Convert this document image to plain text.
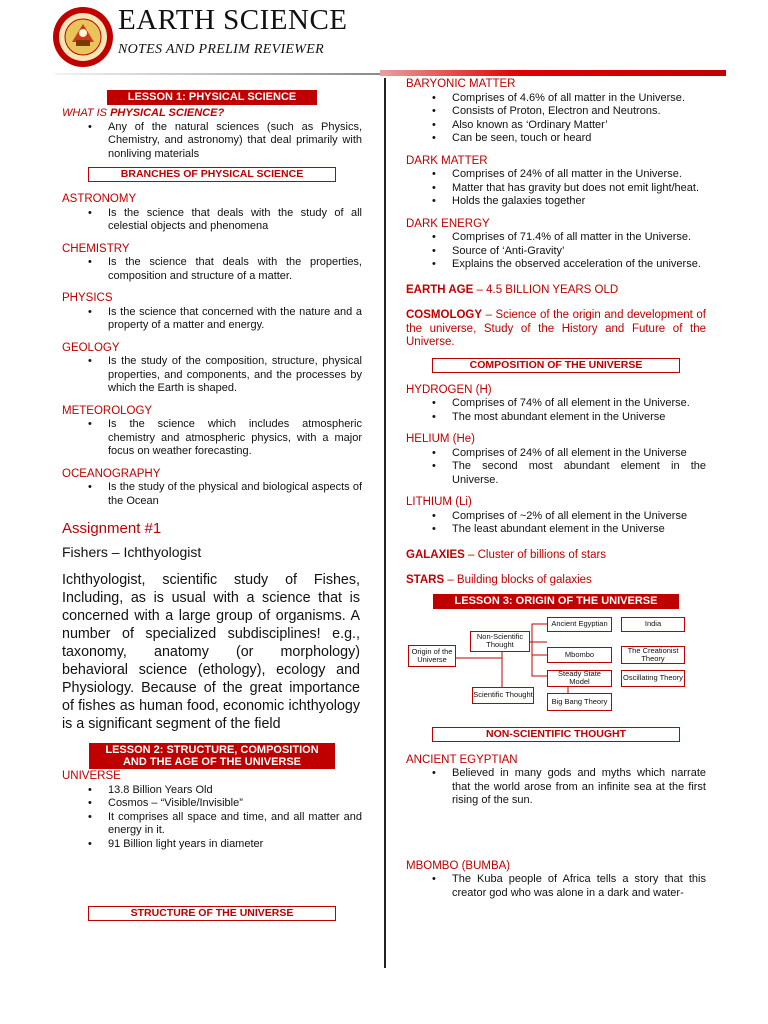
EARTH SCIENCE
NOTES AND PRELIM REVIEWER
LESSON 1: PHYSICAL SCIENCE
WHAT IS PHYSICAL SCIENCE?
• Any of the natural sciences (such as Physics, Chemistry, and astronomy) that deal primarily with nonliving materials
BRANCHES OF PHYSICAL SCIENCE
ASTRONOMY
• Is the science that deals with the study of all celestial objects and phenomena
CHEMISTRY
• Is the science that deals with the properties, composition and structure of a matter.
PHYSICS
• Is the science that concerned with the nature and a property of a matter and energy.
GEOLOGY
• Is the study of the composition, structure, physical properties, and components, and the processes by which the Earth is shaped.
METEOROLOGY
• Is the science which includes atmospheric chemistry and atmospheric physics, with a major focus on weather forecasting.
OCEANOGRAPHY
• Is the study of the physical and biological aspects of the Ocean
Assignment #1
Fishers – Ichthyologist
Ichthyologist, scientific study of Fishes, Including, as is usual with a science that is concerned with a large group of organisms. A number of specialized subdisciplines! e.g., taxonomy, anatomy (or morphology) behavioral science (ethology), ecology and Physiology. Because of the great importance of fishes as human food, economic ichthyology is a significant segment of the field
LESSON 2: STRUCTURE, COMPOSITION
AND THE AGE OF THE UNIVERSE
UNIVERSE
• 13.8 Billion Years Old
• Cosmos – “Visible/Invisible”
• It comprises all space and time, and all matter and energy in it.
• 91 Billion light years in diameter
STRUCTURE OF THE UNIVERSE
BARYONIC MATTER
• Comprises of 4.6% of all matter in the Universe.
• Consists of Proton, Electron and Neutrons.
• Also known as ‘Ordinary Matter’
• Can be seen, touch or heard
DARK MATTER
• Comprises of 24% of all matter in the Universe.
• Matter that has gravity but does not emit light/heat.
• Holds the galaxies together
DARK ENERGY
• Comprises of 71.4% of all matter in the Universe.
• Source of ‘Anti-Gravity’
• Explains the observed acceleration of the universe.
EARTH AGE – 4.5 BILLION YEARS OLD
COSMOLOGY – Science of the origin and development of the universe, Study of the History and Future of the Universe.
COMPOSITION OF THE UNIVERSE
HYDROGEN (H)
• Comprises of 74% of all element in the Universe.
• The most abundant element in the Universe
HELIUM (He)
• Comprises of 24% of all element in the Universe
• The second most abundant element in the Universe.
LITHIUM (Li)
• Comprises of ~2% of all element in the Universe
• The least abundant element in the Universe
GALAXIES – Cluster of billions of stars
STARS – Building blocks of galaxies
LESSON 3: ORIGIN OF THE UNIVERSE
Origin of the Universe
Non-Scientific Thought
Scientific Thought
Ancient Egyptian	India
Mbombo	The Creationist Theory
Steady State Model	Oscillating Theory
Big Bang Theory
NON-SCIENTIFIC THOUGHT
ANCIENT EGYPTIAN
• Believed in many gods and myths which narrate that the world arose from an infinite sea at the first rising of the sun.
MBOMBO (BUMBA)
• The Kuba people of Africa tells a story that this creator god who was alone in a dark and water-
